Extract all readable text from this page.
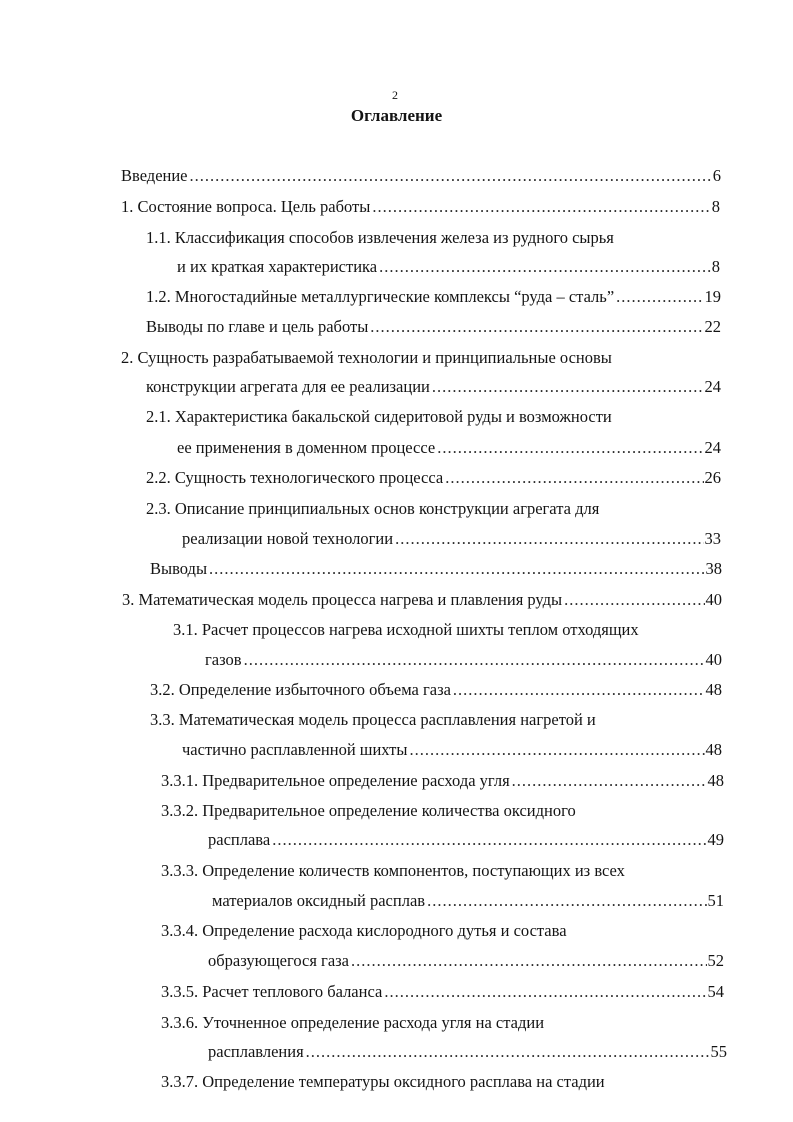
2
Оглавление
Введение .....	6
1. Состояние вопроса. Цель работы .....	8
1.1. Классификация способов извлечения железа из рудного сырья
и их краткая характеристика .....	8
1.2. Многостадийные металлургические комплексы “руда – сталь” .....	19
Выводы по главе и цель работы .....	22
2. Сущность разрабатываемой технологии и принципиальные основы
конструкции агрегата для ее реализации .....	24
2.1. Характеристика бакальской сидеритовой руды и возможности
ее применения в доменном процессе .....	24
2.2. Сущность технологического процесса .....	26
2.3. Описание принципиальных основ конструкции агрегата для
реализации новой технологии .....	33
Выводы .....	38
3. Математическая модель процесса нагрева и плавления руды .....	40
3.1. Расчет процессов нагрева исходной шихты теплом отходящих
газов .....	40
3.2. Определение избыточного объема газа .....	48
3.3. Математическая модель процесса расплавления нагретой и
частично расплавленной шихты .....	48
3.3.1. Предварительное определение расхода угля .....	48
3.3.2. Предварительное определение количества оксидного
расплава .....	49
3.3.3. Определение количеств компонентов, поступающих из всех
материалов оксидный расплав .....	51
3.3.4. Определение расхода кислородного дутья и состава
образующегося газа .....	52
3.3.5. Расчет теплового баланса .....	54
3.3.6. Уточненное определение расхода угля на стадии
расплавления .....	55
3.3.7. Определение температуры оксидного расплава на стадии
